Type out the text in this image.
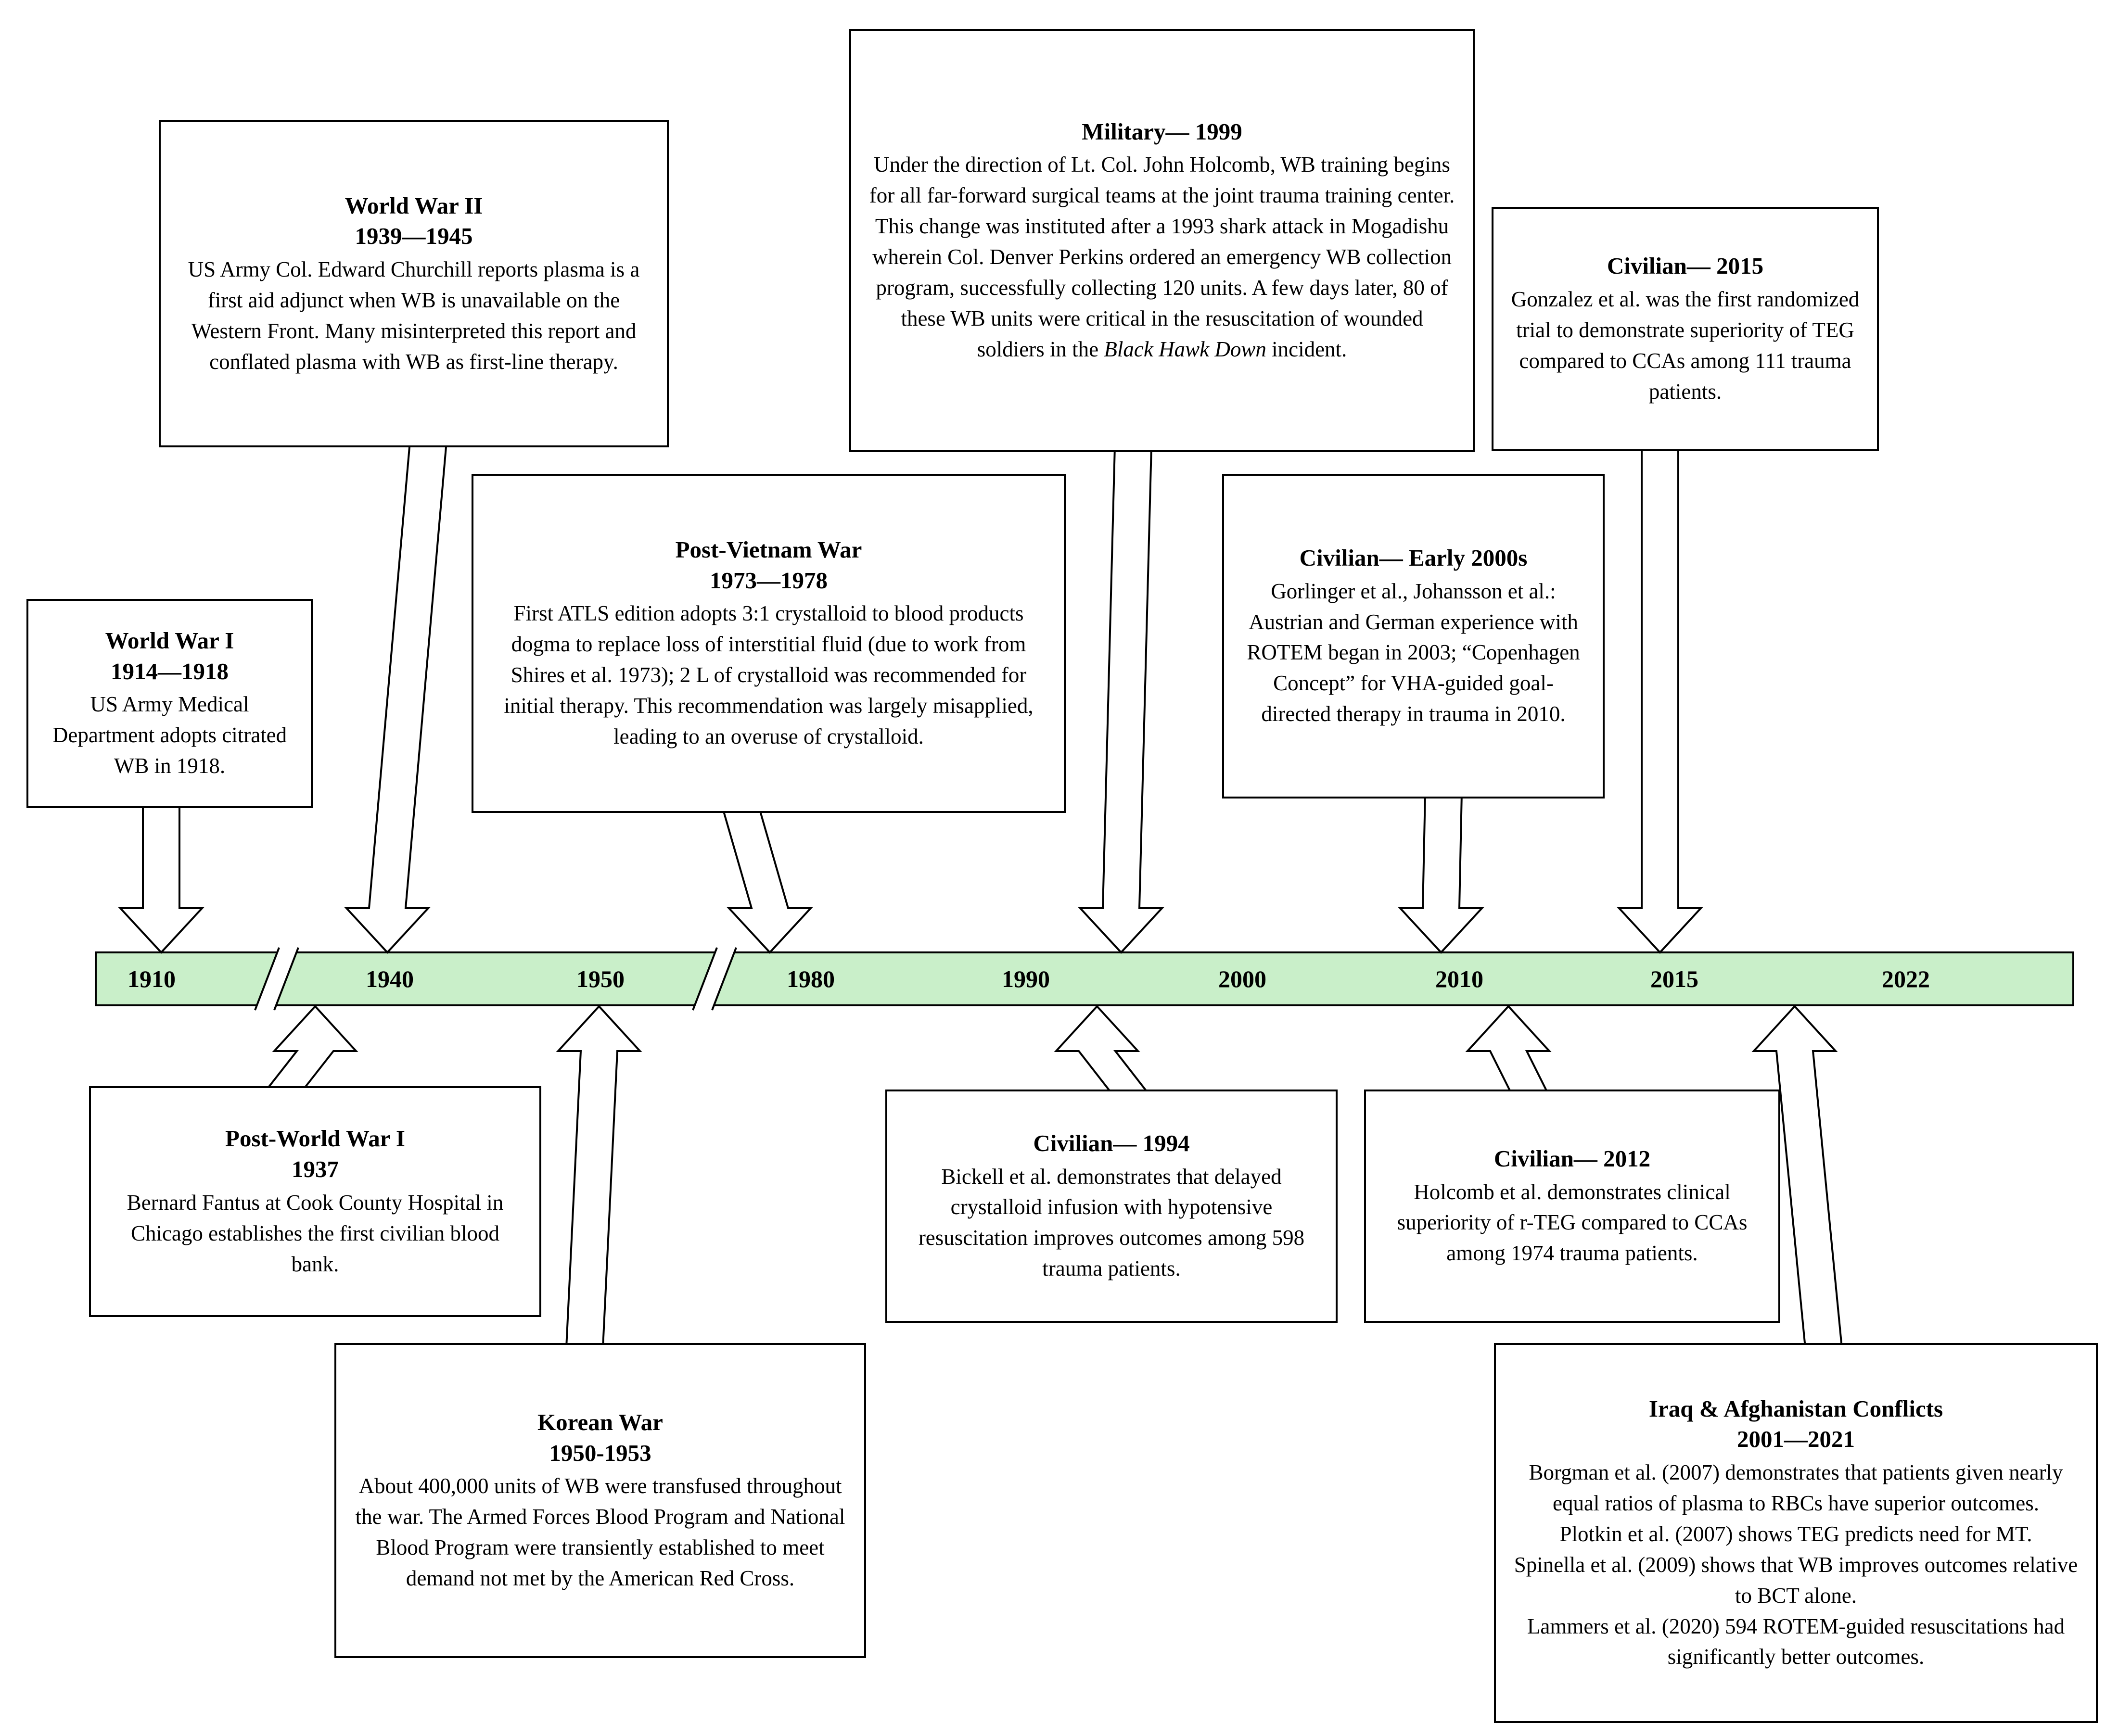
1910	1940	1950	1980	1990	2000	2010	2015	2022
World War I
1914—1918
US Army Medical Department adopts citrated WB in 1918.
World War II
1939—1945
US Army Col. Edward Churchill reports plasma is a first aid adjunct when WB is unavailable on the Western Front. Many misinterpreted this report and conflated plasma with WB as first-line therapy.
Post-Vietnam War
1973—1978
First ATLS edition adopts 3:1 crystalloid to blood products dogma to replace loss of interstitial fluid (due to work from Shires et al. 1973); 2 L of crystalloid was recommended for initial therapy. This recommendation was largely misapplied, leading to an overuse of crystalloid.
Military— 1999
Under the direction of Lt. Col. John Holcomb, WB training begins for all far-forward surgical teams at the joint trauma training center. This change was instituted after a 1993 shark attack in Mogadishu wherein Col. Denver Perkins ordered an emergency WB collection program, successfully collecting 120 units. A few days later, 80 of these WB units were critical in the resuscitation of wounded soldiers in the Black Hawk Down incident.
Civilian— Early 2000s
Gorlinger et al., Johansson et al.: Austrian and German experience with ROTEM began in 2003; “Copenhagen Concept” for VHA-guided goal-directed therapy in trauma in 2010.
Civilian— 2015
Gonzalez et al. was the first randomized trial to demonstrate superiority of TEG compared to CCAs among 111 trauma patients.
Post-World War I
1937
Bernard Fantus at Cook County Hospital in Chicago establishes the first civilian blood bank.
Korean War
1950-1953
About 400,000 units of WB were transfused throughout the war. The Armed Forces Blood Program and National Blood Program were transiently established to meet demand not met by the American Red Cross.
Civilian— 1994
Bickell et al. demonstrates that delayed crystalloid infusion with hypotensive resuscitation improves outcomes among 598 trauma patients.
Civilian— 2012
Holcomb et al. demonstrates clinical superiority of r-TEG compared to CCAs among 1974 trauma patients.
Iraq & Afghanistan Conflicts
2001—2021

Borgman et al. (2007) demonstrates that patients given nearly equal ratios of plasma to RBCs have superior outcomes.

Plotkin et al. (2007) shows TEG predicts need for MT.

Spinella et al. (2009) shows that WB improves outcomes relative to BCT alone.

Lammers et al. (2020) 594 ROTEM-guided resuscitations had significantly better outcomes.
